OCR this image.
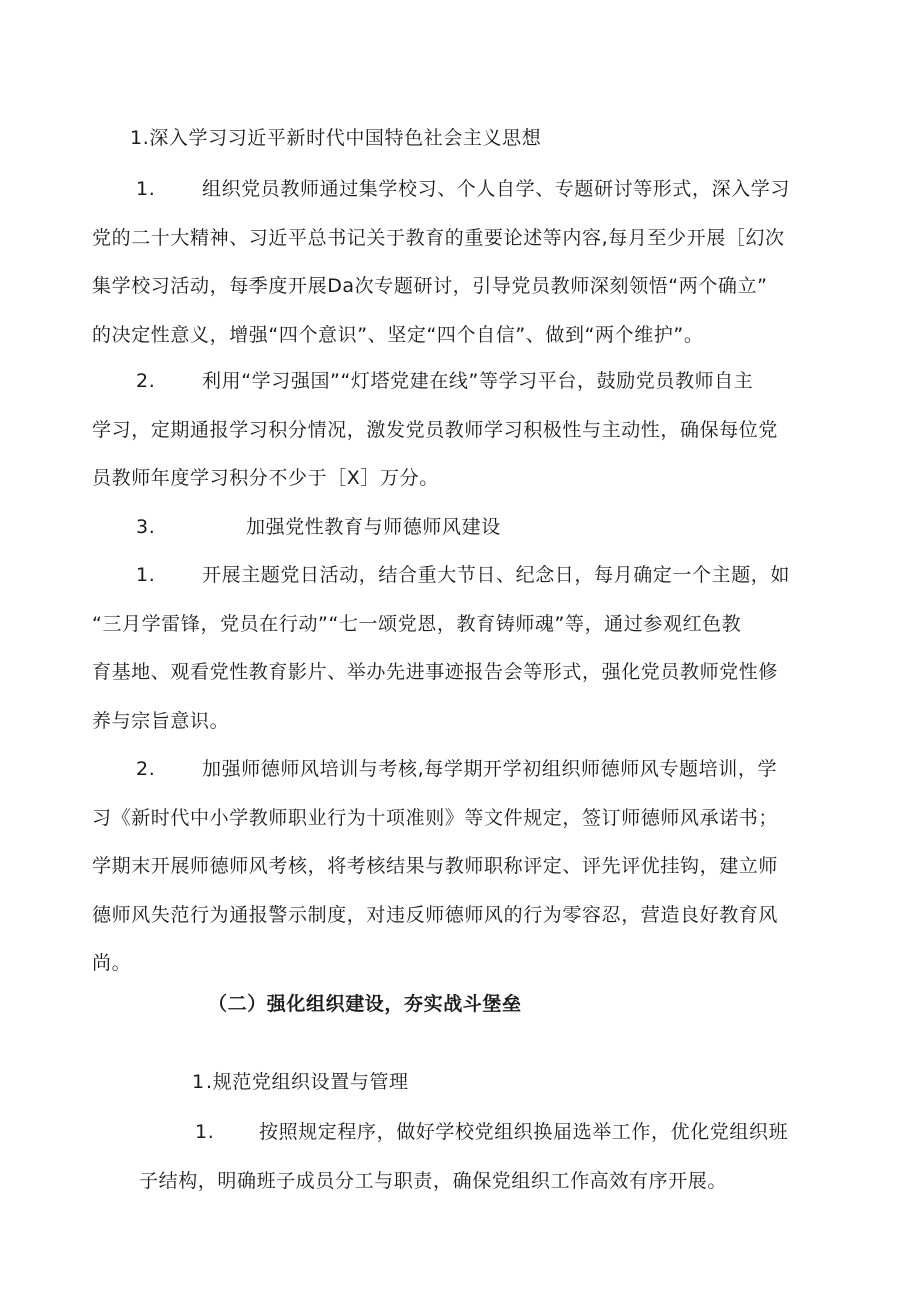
1.深入学习习近平新时代中国特色社会主义思想
1. 组织党员教师通过集学校习、个人自学、专题研讨等形式，深入学习
党的二十大精神、习近平总书记关于教育的重要论述等内容,每月至少开展［幻次
集学校习活动，每季度开展Da次专题研讨，引导党员教师深刻领悟“两个确立”
的决定性意义，增强“四个意识”、坚定“四个自信”、做到“两个维护”。
2. 利用“学习强国”“灯塔党建在线”等学习平台，鼓励党员教师自主
学习，定期通报学习积分情况，激发党员教师学习积极性与主动性，确保每位党
员教师年度学习积分不少于［X］万分。
3.	加强党性教育与师德师风建设
1. 开展主题党日活动，结合重大节日、纪念日，每月确定一个主题，如
“三月学雷锋，党员在行动”“七一颂党恩，教育铸师魂”等，通过参观红色教
育基地、观看党性教育影片、举办先进事迹报告会等形式，强化党员教师党性修
养与宗旨意识。
2. 加强师德师风培训与考核,每学期开学初组织师德师风专题培训，学
习《新时代中小学教师职业行为十项准则》等文件规定，签订师德师风承诺书；
学期末开展师德师风考核，将考核结果与教师职称评定、评先评优挂钩，建立师
德师风失范行为通报警示制度，对违反师德师风的行为零容忍，营造良好教育风
尚。
（二）强化组织建设，夯实战斗堡垒
1.规范党组织设置与管理
1. 按照规定程序，做好学校党组织换届选举工作，优化党组织班
子结构，明确班子成员分工与职责，确保党组织工作高效有序开展。
